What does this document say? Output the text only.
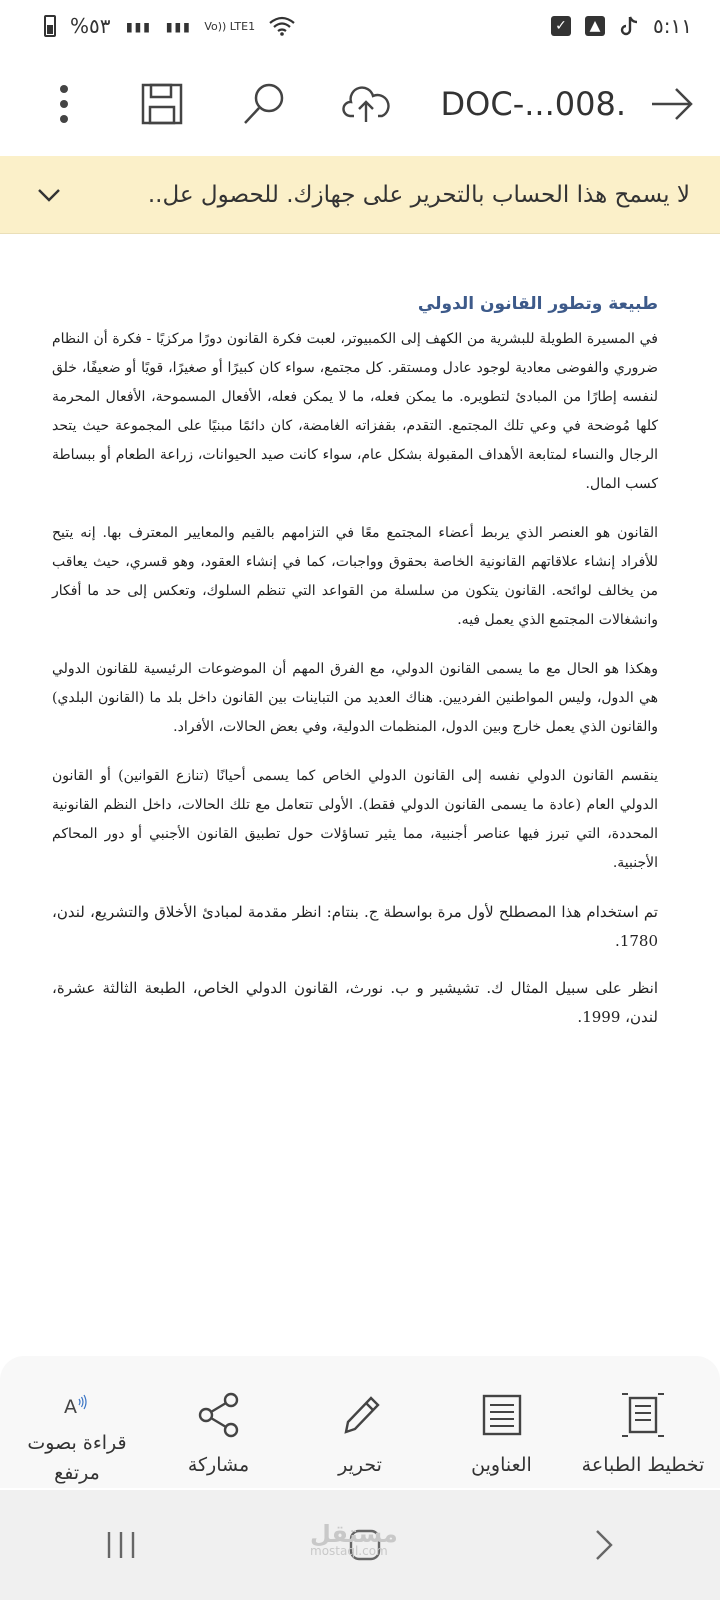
%٥٣ ▮▮▮ ▮▮▮ Vo)) LTE1	✓	▲	٥:١١
DOC-...008.
لا يسمح هذا الحساب بالتحرير على جهازك. للحصول عل..
طبيعة وتطور القانون الدولي

في المسيرة الطويلة للبشرية من الكهف إلى الكمبيوتر، لعبت فكرة القانون دورًا مركزيًا - فكرة أن النظام ضروري والفوضى معادية لوجود عادل ومستقر. كل مجتمع، سواء كان كبيرًا أو صغيرًا، قويًا أو ضعيفًا، خلق لنفسه إطارًا من المبادئ لتطويره. ما يمكن فعله، ما لا يمكن فعله، الأفعال المسموحة، الأفعال المحرمة كلها مُوضحة في وعي تلك المجتمع. التقدم، بقفزاته الغامضة، كان دائمًا مبنيًا على المجموعة حيث يتحد الرجال والنساء لمتابعة الأهداف المقبولة بشكل عام، سواء كانت صيد الحيوانات، زراعة الطعام أو ببساطة كسب المال.

القانون هو العنصر الذي يربط أعضاء المجتمع معًا في التزامهم بالقيم والمعايير المعترف بها. إنه يتيح للأفراد إنشاء علاقاتهم القانونية الخاصة بحقوق وواجبات، كما في إنشاء العقود، وهو قسري، حيث يعاقب من يخالف لوائحه. القانون يتكون من سلسلة من القواعد التي تنظم السلوك، وتعكس إلى حد ما أفكار وانشغالات المجتمع الذي يعمل فيه.

وهكذا هو الحال مع ما يسمى القانون الدولي، مع الفرق المهم أن الموضوعات الرئيسية للقانون الدولي هي الدول، وليس المواطنين الفرديين. هناك العديد من التباينات بين القانون داخل بلد ما (القانون البلدي) والقانون الذي يعمل خارج وبين الدول، المنظمات الدولية، وفي بعض الحالات، الأفراد.

ينقسم القانون الدولي نفسه إلى القانون الدولي الخاص كما يسمى أحيانًا (تنازع القوانين) أو القانون الدولي العام (عادة ما يسمى القانون الدولي فقط). الأولى تتعامل مع تلك الحالات، داخل النظم القانونية المحددة، التي تبرز فيها عناصر أجنبية، مما يثير تساؤلات حول تطبيق القانون الأجنبي أو دور المحاكم الأجنبية.

تم استخدام هذا المصطلح لأول مرة بواسطة ج. بنتام: انظر مقدمة لمبادئ الأخلاق والتشريع، لندن، 1780.

انظر على سبيل المثال ك. تشيشير و ب. نورث، القانون الدولي الخاص، الطبعة الثالثة عشرة، لندن، 1999.

A
قراءة بصوت مرتفع	مشاركة	تحرير	العناوين	تخطيط الطباعة
مستقل
mostaql.com
